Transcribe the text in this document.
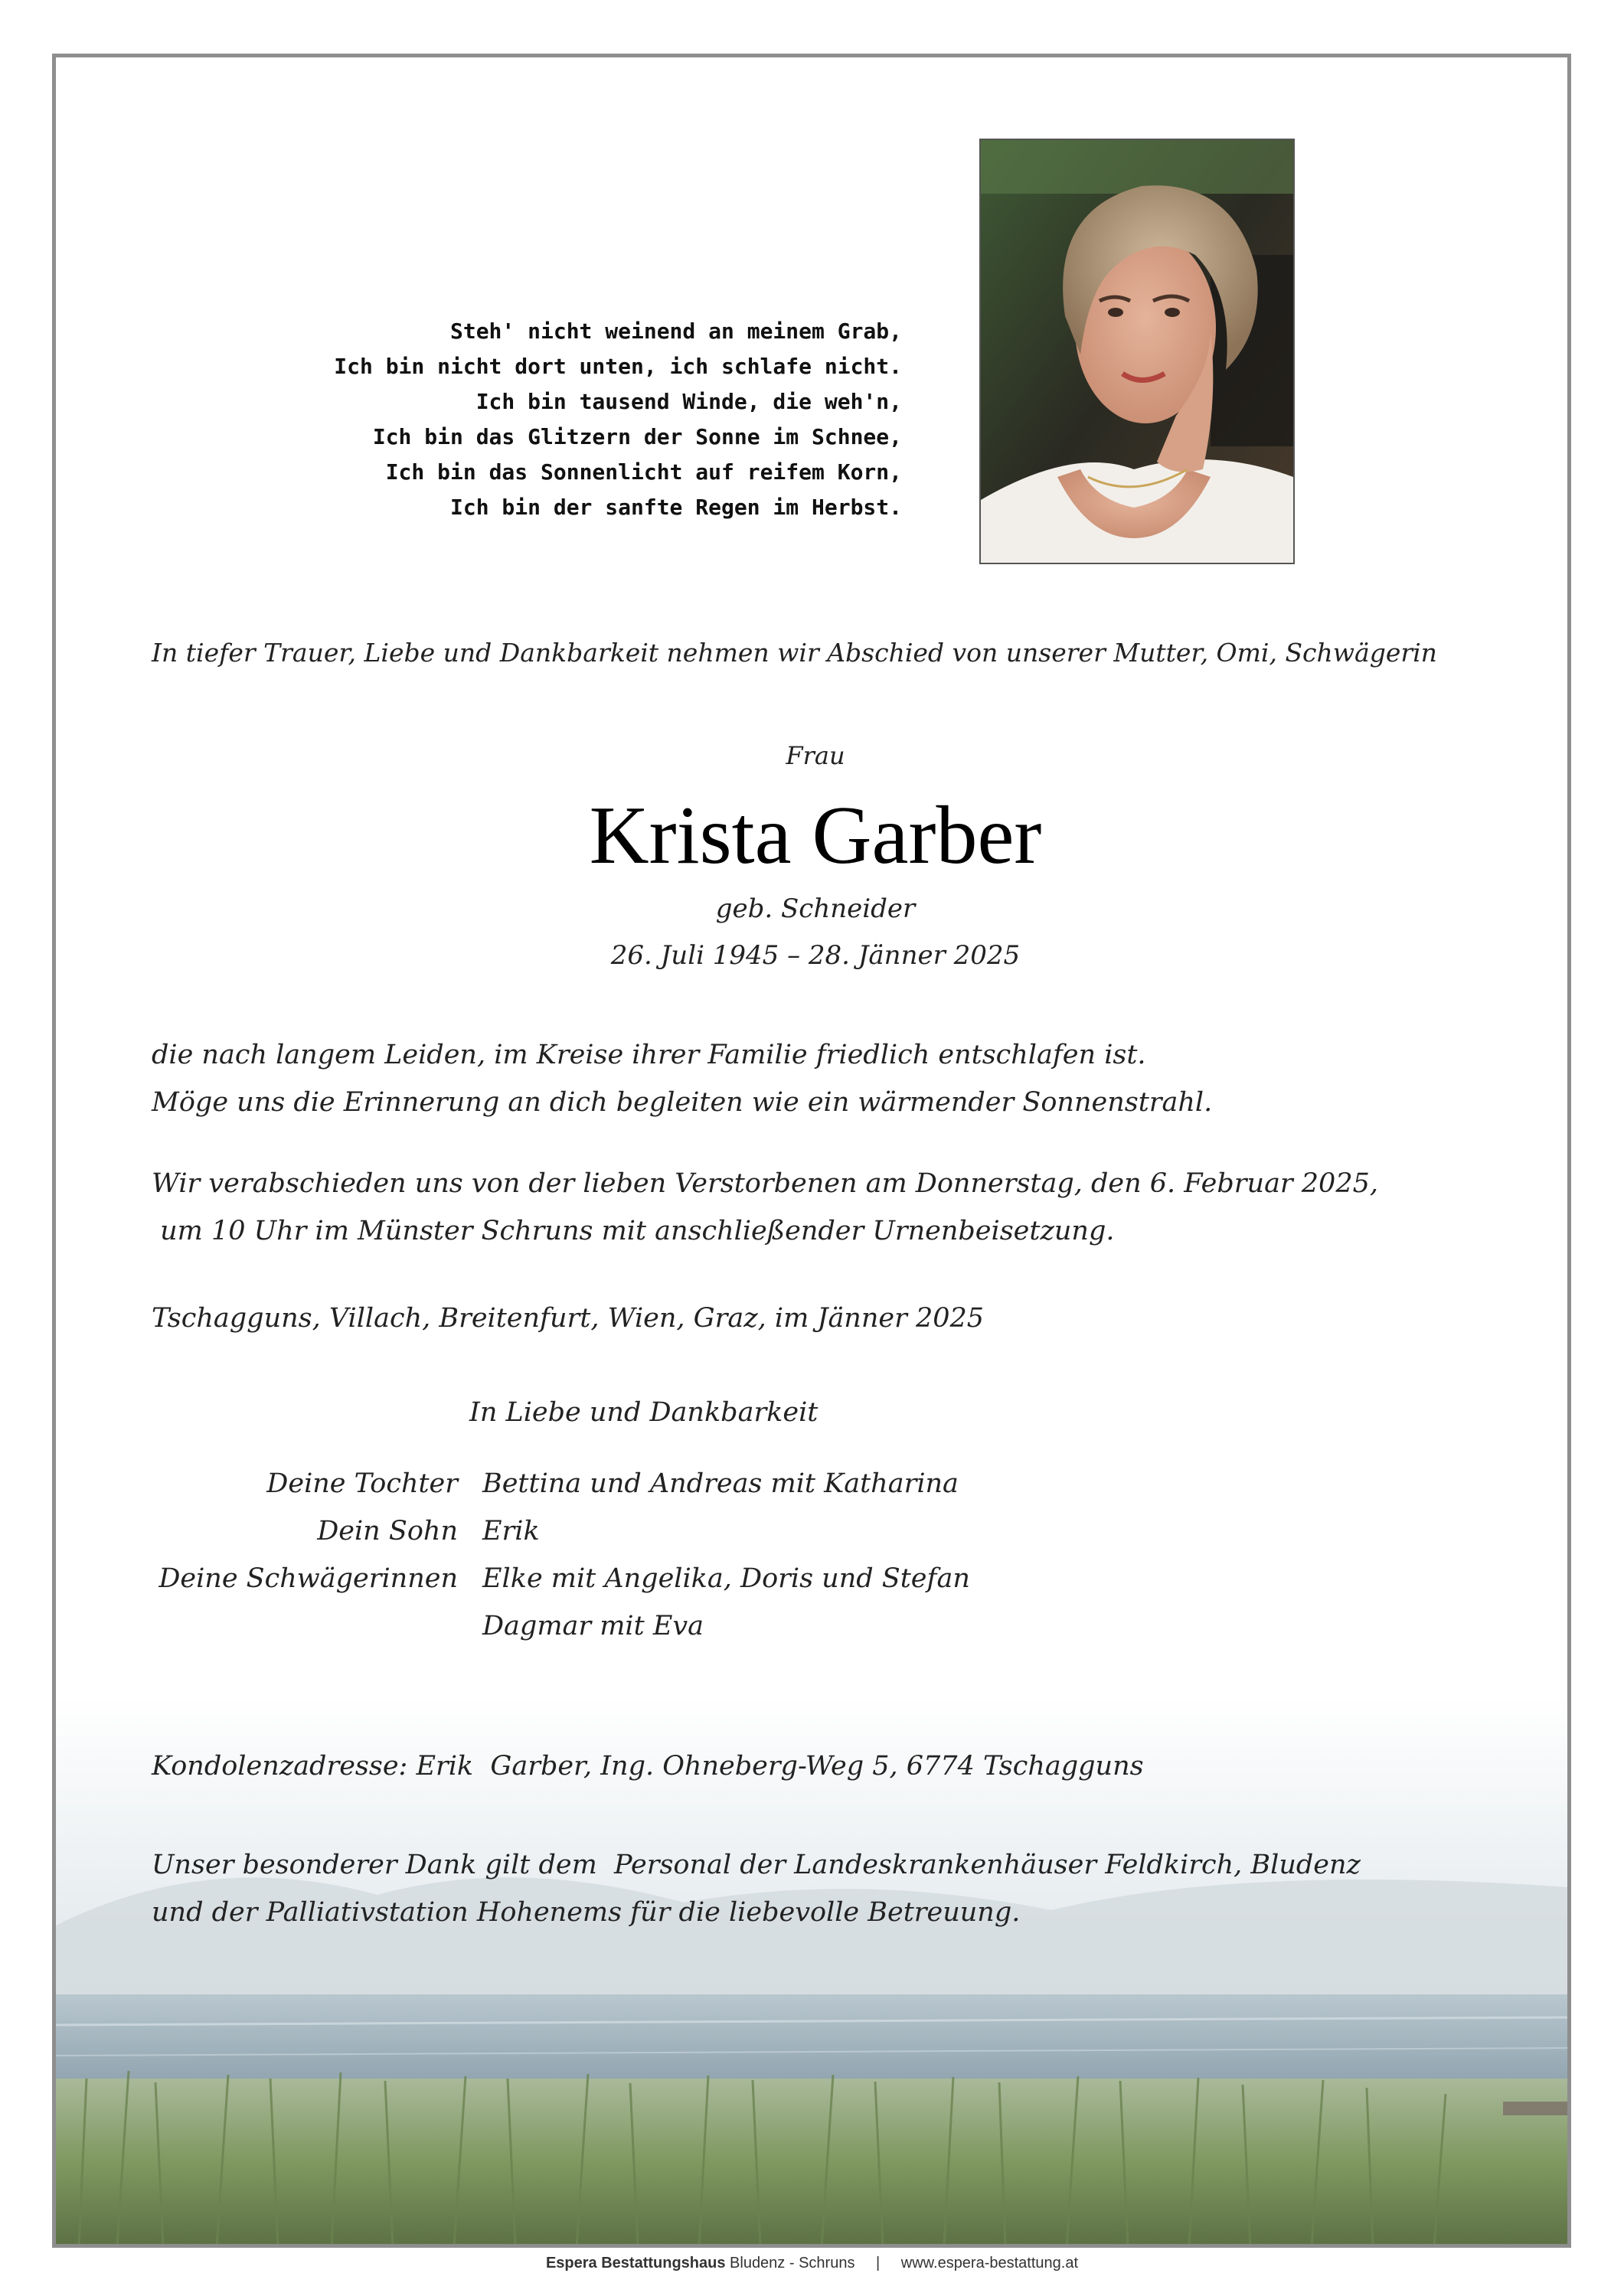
Steh' nicht weinend an meinem Grab,
Ich bin nicht dort unten, ich schlafe nicht.
Ich bin tausend Winde, die weh'n,
Ich bin das Glitzern der Sonne im Schnee,
Ich bin das Sonnenlicht auf reifem Korn,
Ich bin der sanfte Regen im Herbst.
In tiefer Trauer, Liebe und Dankbarkeit nehmen wir Abschied von unserer Mutter, Omi, Schwägerin
Frau
Krista Garber
geb. Schneider
26. Juli 1945 – 28. Jänner 2025
die nach langem Leiden, im Kreise ihrer Familie friedlich entschlafen ist.
Möge uns die Erinnerung an dich begleiten wie ein wärmender Sonnenstrahl.
Wir verabschieden uns von der lieben Verstorbenen am Donnerstag, den 6. Februar 2025,
um 10 Uhr im Münster Schruns mit anschließender Urnenbeisetzung.
Tschagguns, Villach, Breitenfurt, Wien, Graz, im Jänner 2025
In Liebe und Dankbarkeit
Deine Tochter Bettina und Andreas mit Katharina
Dein Sohn Erik
Deine Schwägerinnen Elke mit Angelika, Doris und Stefan
Dagmar mit Eva
Kondolenzadresse: Erik  Garber, Ing. Ohneberg-Weg 5, 6774 Tschagguns
Unser besonderer Dank gilt dem  Personal der Landeskrankenhäuser Feldkirch, Bludenz
und der Palliativstation Hohenems für die liebevolle Betreuung.
Espera Bestattungshaus Bludenz - Schruns | www.espera-bestattung.at
